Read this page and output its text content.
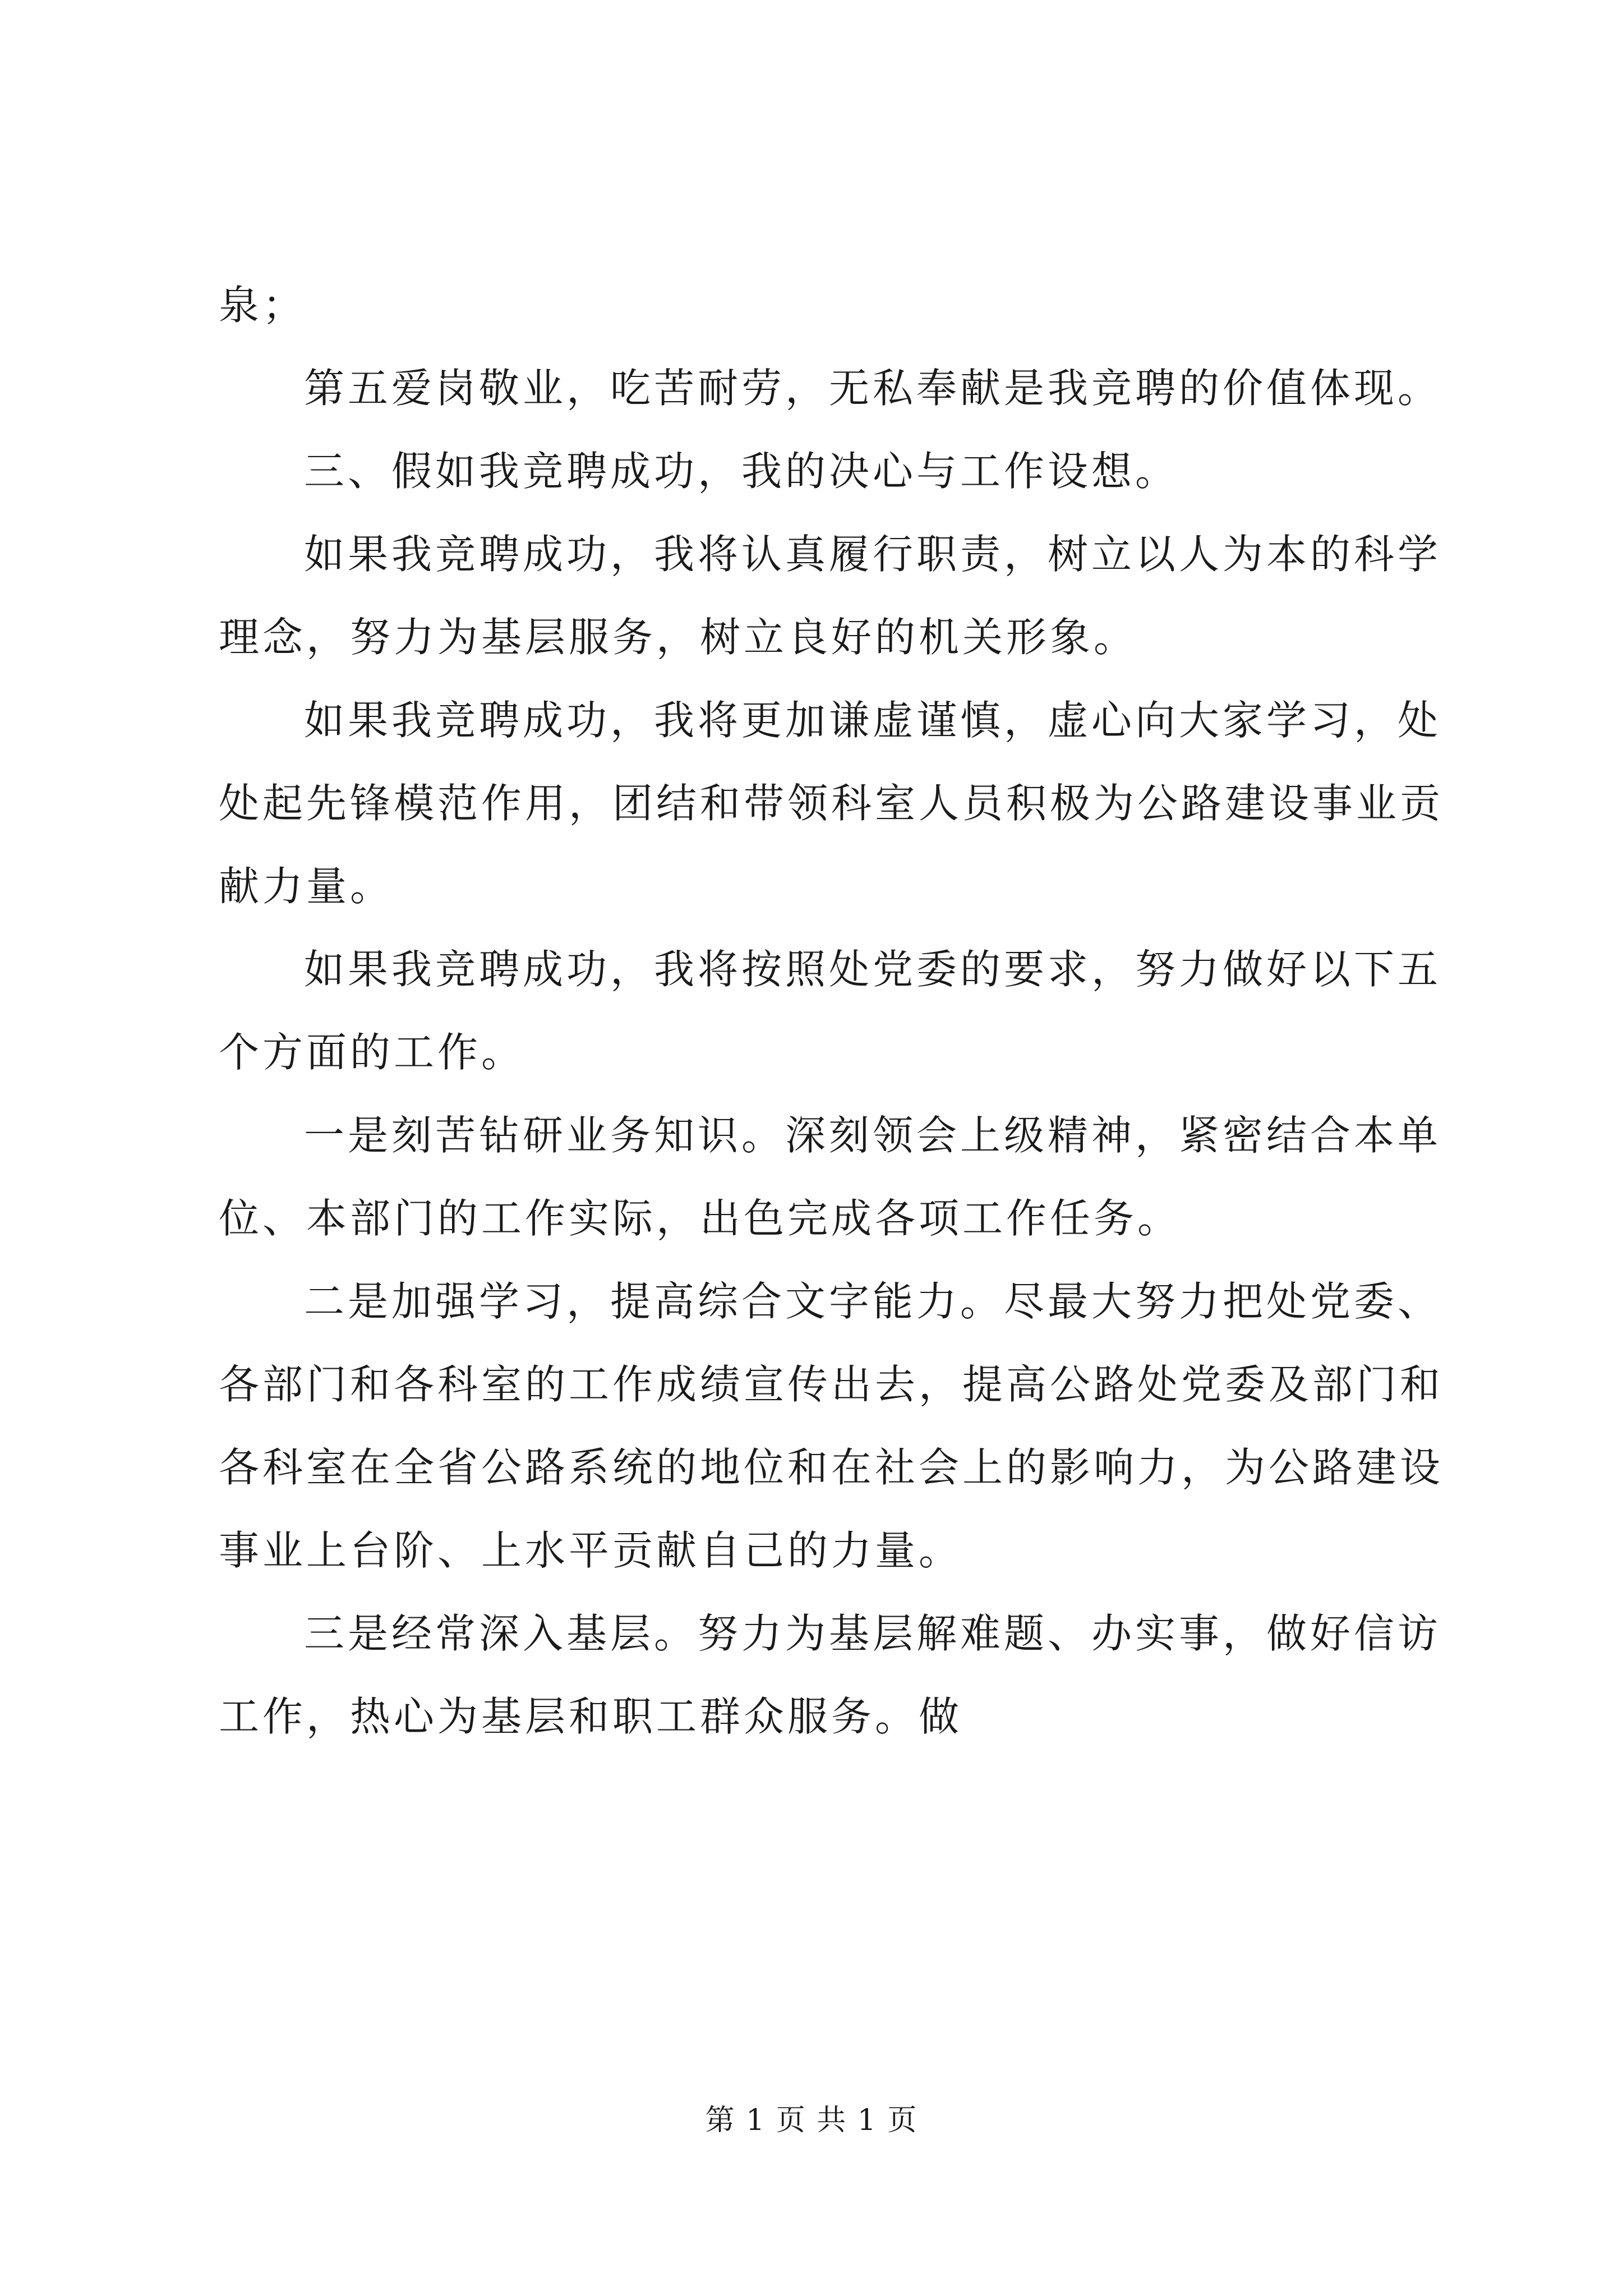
泉；
第五爱岗敬业，吃苦耐劳，无私奉献是我竞聘的价值体现。
三、假如我竞聘成功，我的决心与工作设想。
如果我竞聘成功，我将认真履行职责，树立以人为本的科学
理念，努力为基层服务，树立良好的机关形象。
如果我竞聘成功，我将更加谦虚谨慎，虚心向大家学习，处
处起先锋模范作用，团结和带领科室人员积极为公路建设事业贡
献力量。
如果我竞聘成功，我将按照处党委的要求，努力做好以下五
个方面的工作。
一是刻苦钻研业务知识。深刻领会上级精神，紧密结合本单
位、本部门的工作实际，出色完成各项工作任务。
二是加强学习，提高综合文字能力。尽最大努力把处党委、
各部门和各科室的工作成绩宣传出去，提高公路处党委及部门和
各科室在全省公路系统的地位和在社会上的影响力，为公路建设
事业上台阶、上水平贡献自己的力量。
三是经常深入基层。努力为基层解难题、办实事，做好信访
工作，热心为基层和职工群众服务。做
第 1 页 共 1 页
